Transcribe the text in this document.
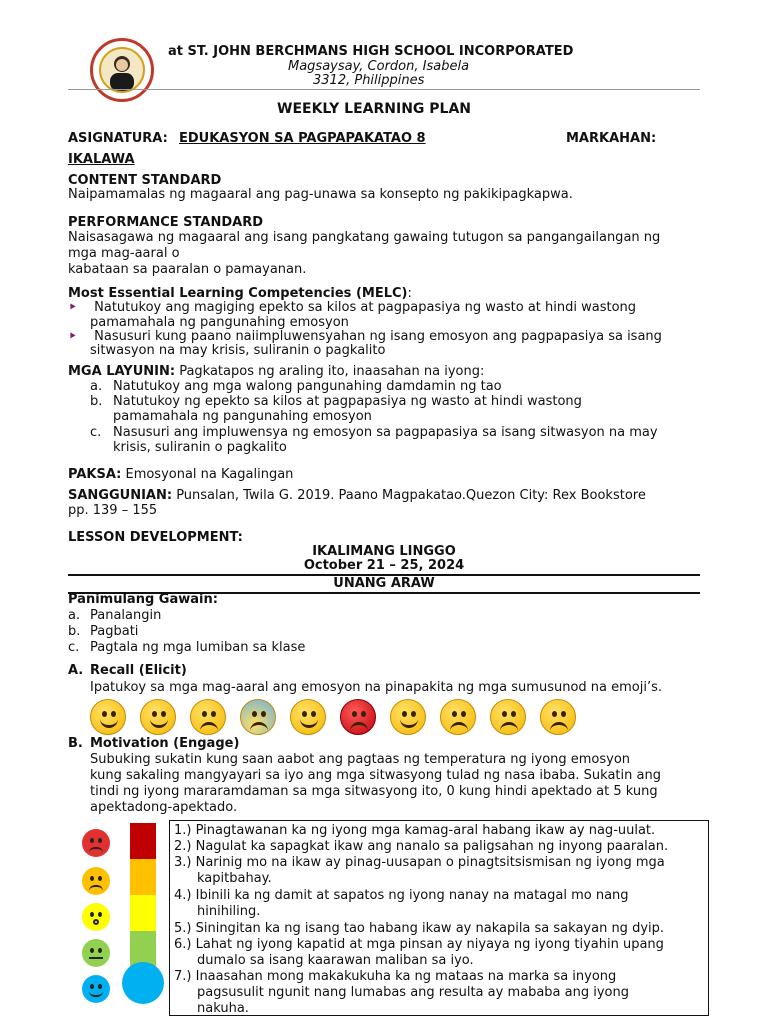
at ST. JOHN BERCHMANS HIGH SCHOOL INCORPORATED
Magsaysay, Cordon, Isabela
3312, Philippines
WEEKLY LEARNING PLAN
ASIGNATURA: EDUKASYON SA PAGPAPAKATAO 8	MARKAHAN:
IKALAWA
CONTENT STANDARD
Naipamamalas ng magaaral ang pag-unawa sa konsepto ng pakikipagkapwa.
PERFORMANCE STANDARD
Naisasagawa ng magaaral ang isang pangkatang gawaing tutugon sa pangangailangan ng
mga mag-aaral o
kabataan sa paaralan o pamayanan.
Most Essential Learning Competencies (MELC):
⯈ Natutukoy ang magiging epekto sa kilos at pagpapasiya ng wasto at hindi wastong
pamamahala ng pangunahing emosyon
⯈ Nasusuri kung paano naiimpluwensyahan ng isang emosyon ang pagpapasiya sa isang
sitwasyon na may krisis, suliranin o pagkalito
MGA LAYUNIN: Pagkatapos ng araling ito, inaasahan na iyong:
a. Natutukoy ang mga walong pangunahing damdamin ng tao
b. Natutukoy ng epekto sa kilos at pagpapasiya ng wasto at hindi wastong
pamamahala ng pangunahing emosyon
c. Nasusuri ang impluwensya ng emosyon sa pagpapasiya sa isang sitwasyon na may
krisis, suliranin o pagkalito
PAKSA: Emosyonal na Kagalingan
SANGGUNIAN: Punsalan, Twila G. 2019. Paano Magpakatao.Quezon City: Rex Bookstore
pp. 139 – 155
LESSON DEVELOPMENT:
IKALIMANG LINGGO
October 21 – 25, 2024
UNANG ARAW
Panimulang Gawain:
a. Panalangin
b. Pagbati
c. Pagtala ng mga lumiban sa klase
A. Recall (Elicit)
Ipatukoy sa mga mag-aaral ang emosyon na pinapakita ng mga sumusunod na emoji’s.
B. Motivation (Engage)
Subuking sukatin kung saan aabot ang pagtaas ng temperatura ng iyong emosyon
kung sakaling mangyayari sa iyo ang mga sitwasyong tulad ng nasa ibaba. Sukatin ang
tindi ng iyong mararamdaman sa mga sitwasyong ito, 0 kung hindi apektado at 5 kung
apektadong-apektado.
1.) Pinagtawanan ka ng iyong mga kamag-aral habang ikaw ay nag-uulat.
2.) Nagulat ka sapagkat ikaw ang nanalo sa paligsahan ng inyong paaralan.
3.) Narinig mo na ikaw ay pinag-uusapan o pinagtsitsismisan ng iyong mga
kapitbahay.
4.) Ibinili ka ng damit at sapatos ng iyong nanay na matagal mo nang
hinihiling.
5.) Siningitan ka ng isang tao habang ikaw ay nakapila sa sakayan ng dyip.
6.) Lahat ng iyong kapatid at mga pinsan ay niyaya ng iyong tiyahin upang
dumalo sa isang kaarawan maliban sa iyo.
7.) Inaasahan mong makakukuha ka ng mataas na marka sa inyong
pagsusulit ngunit nang lumabas ang resulta ay mababa ang iyong
nakuha.
